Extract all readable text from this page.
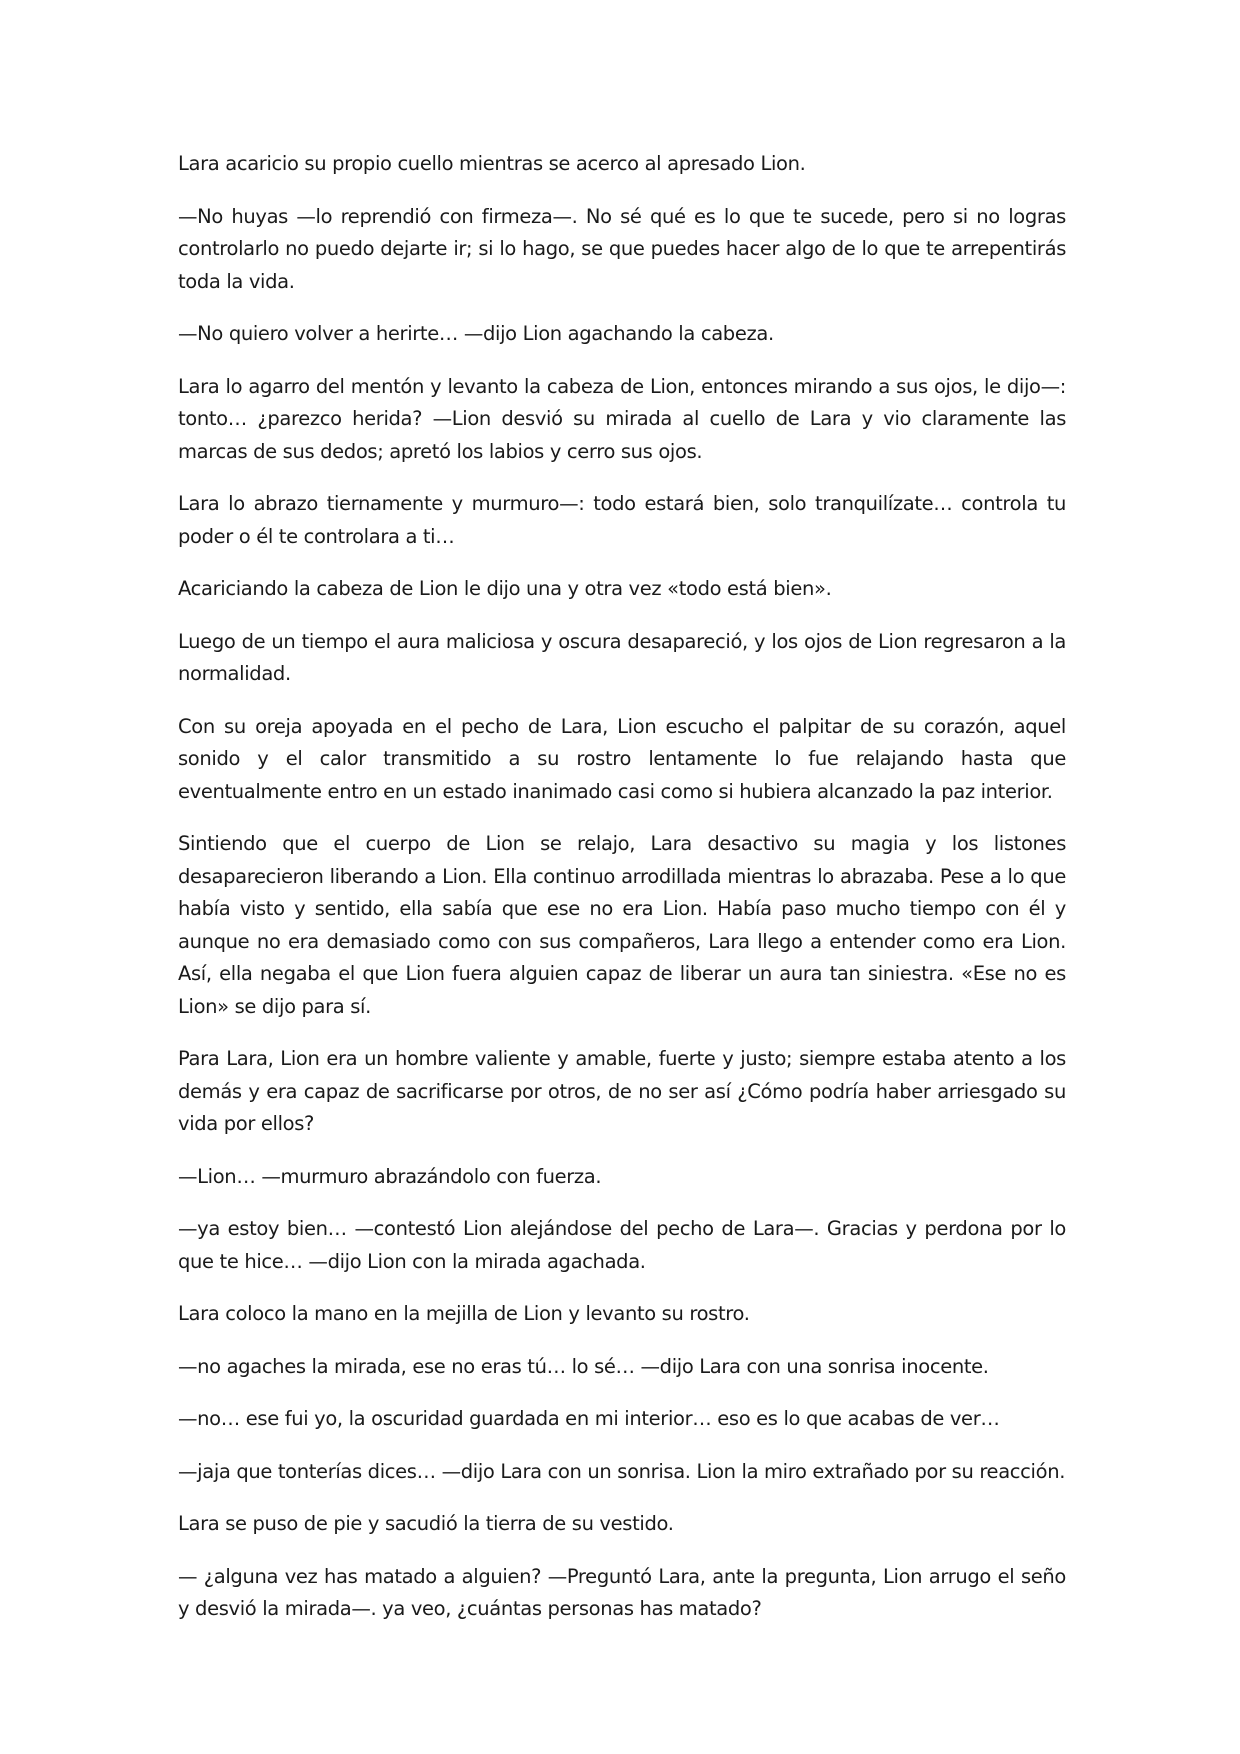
Lara acaricio su propio cuello mientras se acerco al apresado Lion.

—No huyas —lo reprendió con firmeza—. No sé qué es lo que te sucede, pero si no logras controlarlo no puedo dejarte ir; si lo hago, se que puedes hacer algo de lo que te arrepentirás toda la vida.

—No quiero volver a herirte… —dijo Lion agachando la cabeza.

Lara lo agarro del mentón y levanto la cabeza de Lion, entonces mirando a sus ojos, le dijo—: tonto… ¿parezco herida? —Lion desvió su mirada al cuello de Lara y vio claramente las marcas de sus dedos; apretó los labios y cerro sus ojos.

Lara lo abrazo tiernamente y murmuro—: todo estará bien, solo tranquilízate… controla tu poder o él te controlara a ti…

Acariciando la cabeza de Lion le dijo una y otra vez «todo está bien».

Luego de un tiempo el aura maliciosa y oscura desapareció, y los ojos de Lion regresaron a la normalidad.

Con su oreja apoyada en el pecho de Lara, Lion escucho el palpitar de su corazón, aquel sonido y el calor transmitido a su rostro lentamente lo fue relajando hasta que eventualmente entro en un estado inanimado casi como si hubiera alcanzado la paz interior.

Sintiendo que el cuerpo de Lion se relajo, Lara desactivo su magia y los listones desaparecieron liberando a Lion. Ella continuo arrodillada mientras lo abrazaba. Pese a lo que había visto y sentido, ella sabía que ese no era Lion. Había paso mucho tiempo con él y aunque no era demasiado como con sus compañeros, Lara llego a entender como era Lion. Así, ella negaba el que Lion fuera alguien capaz de liberar un aura tan siniestra. «Ese no es Lion» se dijo para sí.

Para Lara, Lion era un hombre valiente y amable, fuerte y justo; siempre estaba atento a los demás y era capaz de sacrificarse por otros, de no ser así ¿Cómo podría haber arriesgado su vida por ellos?

—Lion… —murmuro abrazándolo con fuerza.

—ya estoy bien… —contestó Lion alejándose del pecho de Lara—. Gracias y perdona por lo que te hice… —dijo Lion con la mirada agachada.

Lara coloco la mano en la mejilla de Lion y levanto su rostro.

—no agaches la mirada, ese no eras tú… lo sé… —dijo Lara con una sonrisa inocente.

—no… ese fui yo, la oscuridad guardada en mi interior… eso es lo que acabas de ver…

—jaja que tonterías dices… —dijo Lara con un sonrisa. Lion la miro extrañado por su reacción.

Lara se puso de pie y sacudió la tierra de su vestido.

— ¿alguna vez has matado a alguien? —Preguntó Lara, ante la pregunta, Lion arrugo el seño y desvió la mirada—. ya veo, ¿cuántas personas has matado?
